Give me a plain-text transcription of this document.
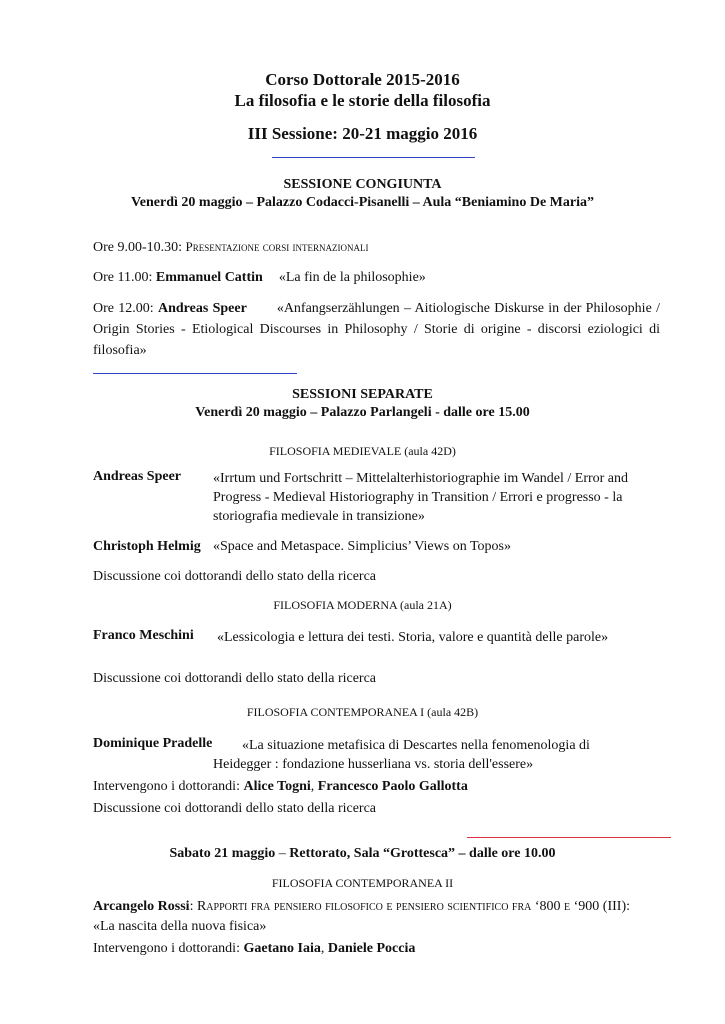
Corso Dottorale 2015-2016
La filosofia e le storie della filosofia
III Sessione: 20-21 maggio 2016
SESSIONE CONGIUNTA
Venerdì 20 maggio – Palazzo Codacci-Pisanelli – Aula “Beniamino De Maria”
Ore 9.00-10.30: Presentazione corsi internazionali
Ore 11.00: Emmanuel Cattin «La fin de la philosophie»
Ore 12.00: Andreas Speer «Anfangserzählungen – Aitiologische Diskurse in der Philosophie / Origin Stories - Etiological Discourses in Philosophy / Storie di origine - discorsi eziologici di filosofia»
SESSIONI SEPARATE
Venerdì 20 maggio – Palazzo Parlangeli - dalle ore 15.00
FILOSOFIA MEDIEVALE (aula 42D)
Andreas Speer «Irrtum und Fortschritt – Mittelalterhistoriographie im Wandel / Error and Progress - Medieval Historiography in Transition / Errori e progresso - la storiografia medievale in transizione»
Christoph Helmig «Space and Metaspace. Simplicius’ Views on Topos»
Discussione coi dottorandi dello stato della ricerca
FILOSOFIA MODERNA (aula 21A)
Franco Meschini «Lessicologia e lettura dei testi. Storia, valore e quantità delle parole»
Discussione coi dottorandi dello stato della ricerca
FILOSOFIA CONTEMPORANEA I (aula 42B)
Dominique Pradelle	«La situazione metafisica di Descartes nella fenomenologia di Heidegger : fondazione husserliana vs. storia dell'essere»
Intervengono i dottorandi: Alice Togni, Francesco Paolo Gallotta
Discussione coi dottorandi dello stato della ricerca
Sabato 21 maggio – Rettorato, Sala “Grottesca” – dalle ore 10.00
FILOSOFIA CONTEMPORANEA II
Arcangelo Rossi: Rapporti fra pensiero filosofico e pensiero scientifico fra ‘800 e ‘900 (III): «La nascita della nuova fisica»
Intervengono i dottorandi: Gaetano Iaia, Daniele Poccia
